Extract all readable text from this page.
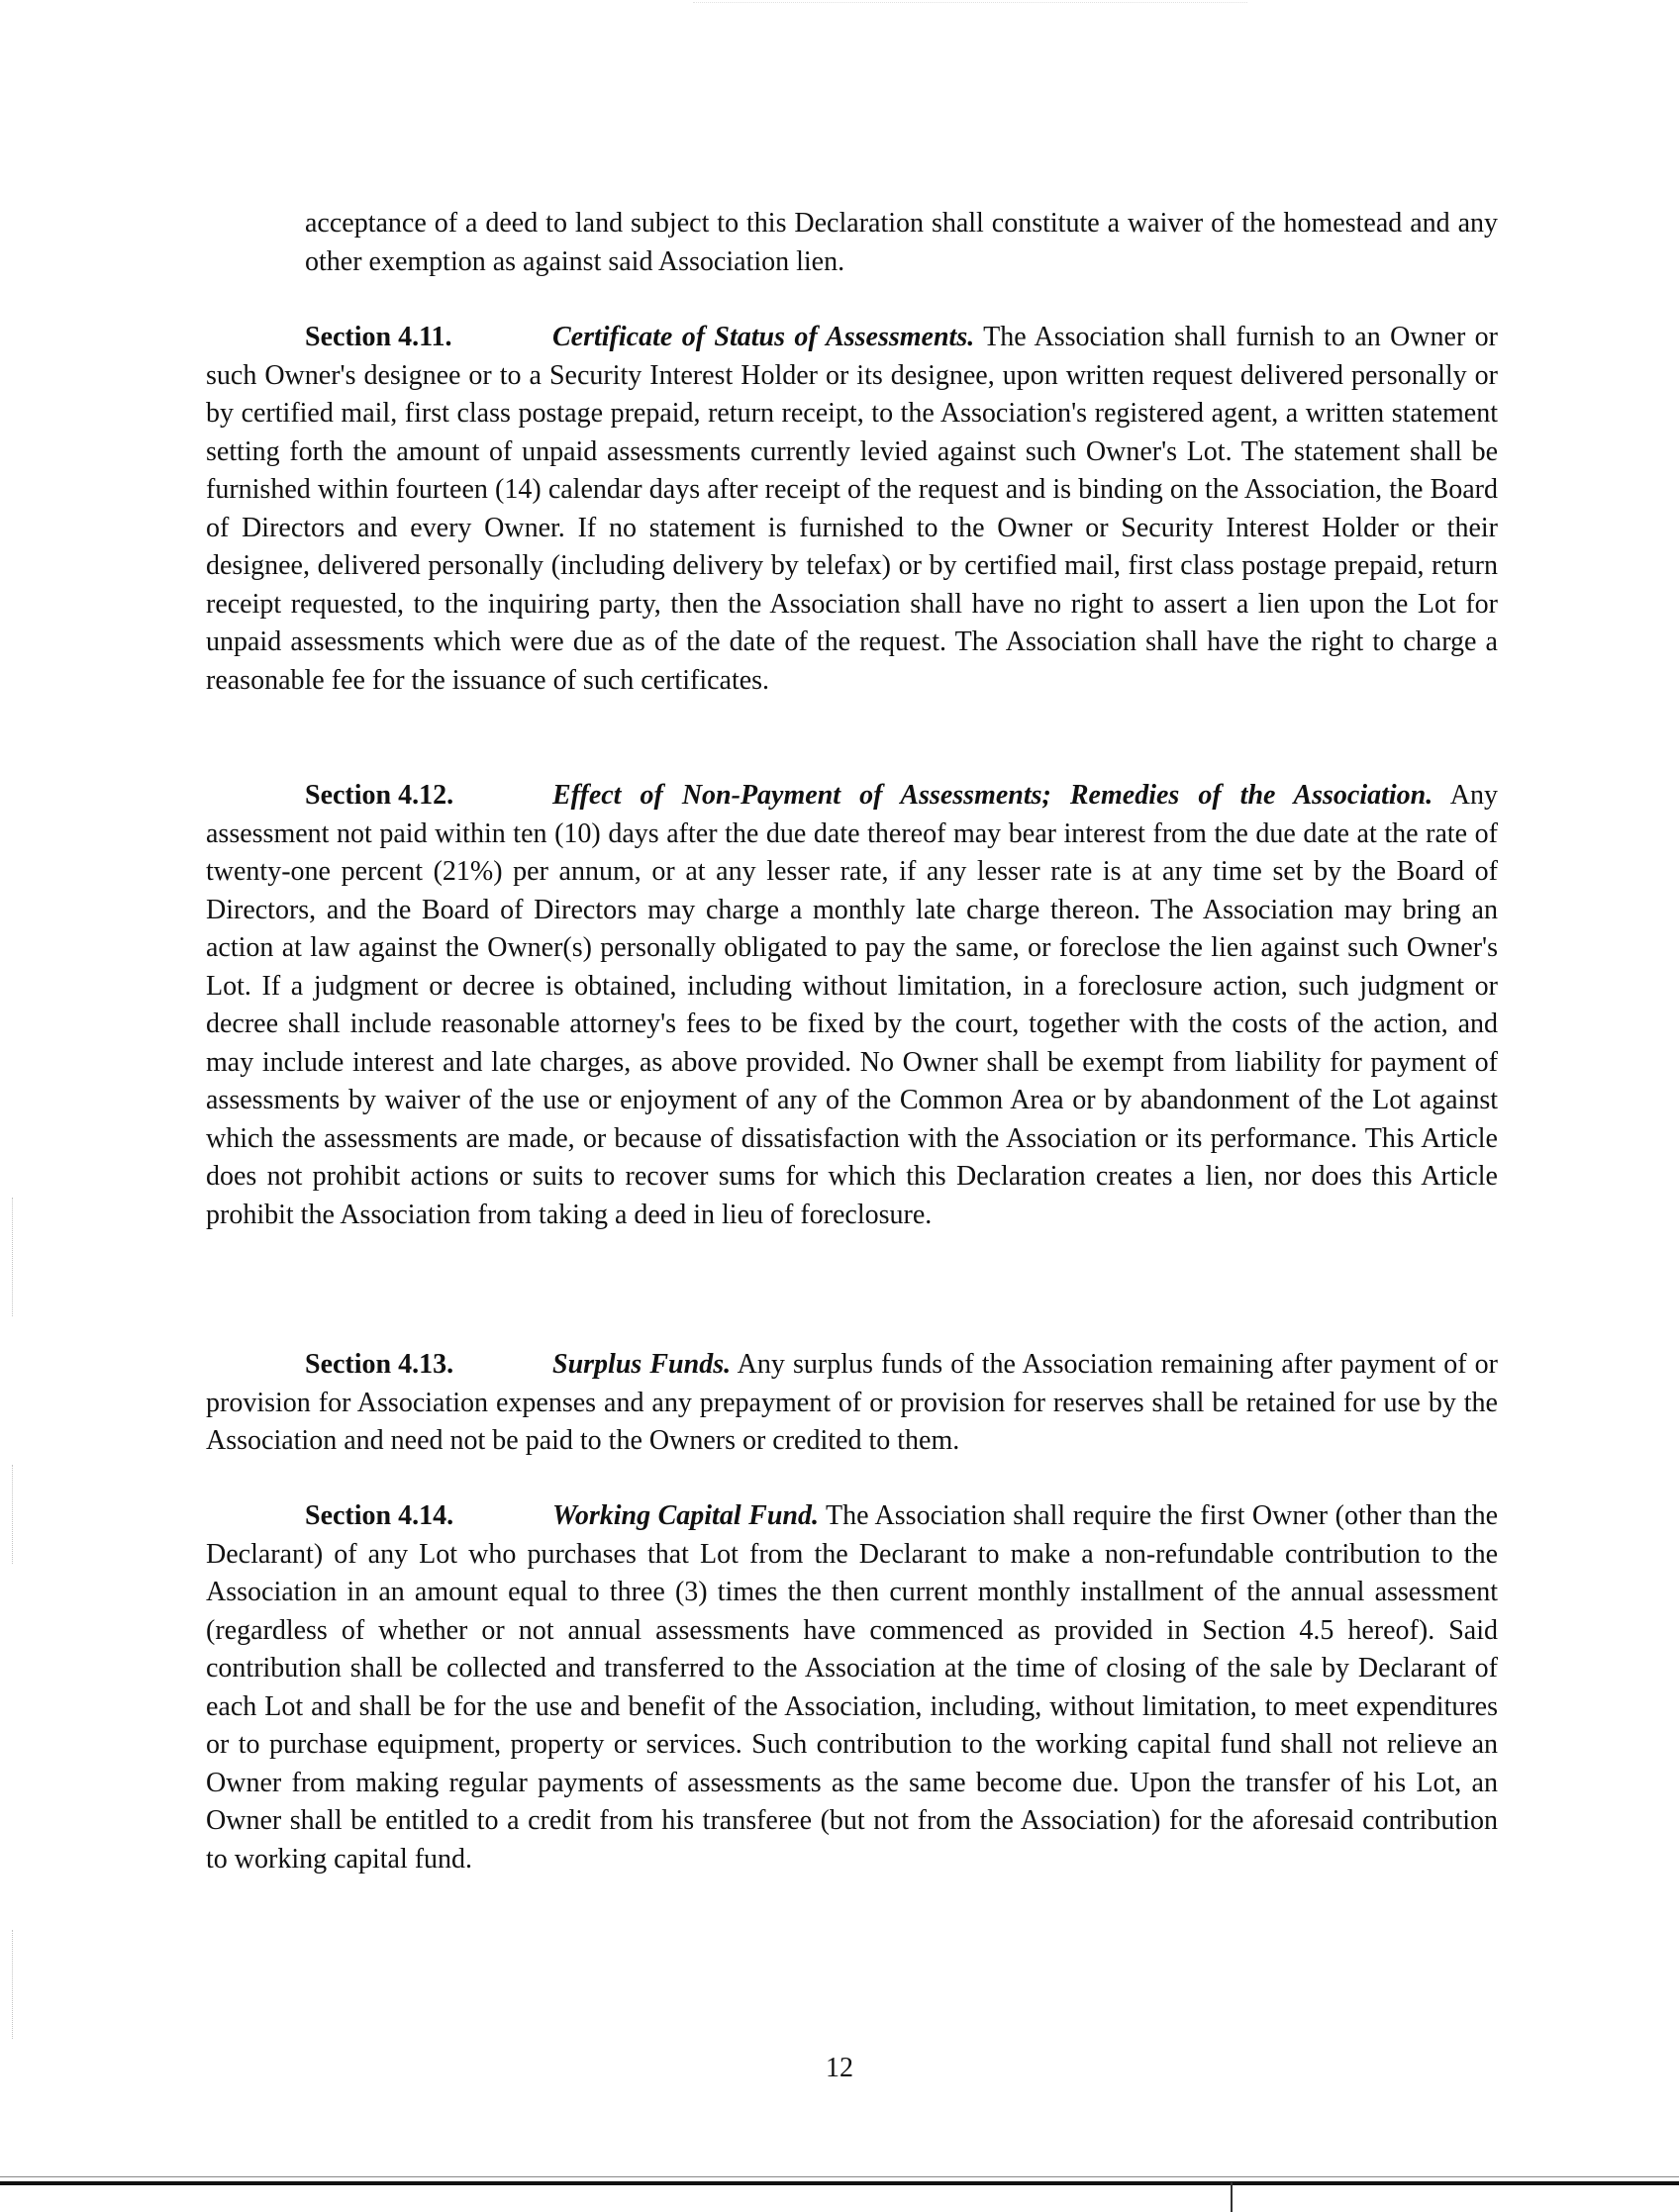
acceptance of a deed to land subject to this Declaration shall constitute a waiver of the homestead and any other exemption as against said Association lien.

Section 4.11.	Certificate of Status of Assessments. The Association shall furnish to an Owner or such Owner's designee or to a Security Interest Holder or its designee, upon written request delivered personally or by certified mail, first class postage prepaid, return receipt, to the Association's registered agent, a written statement setting forth the amount of unpaid assessments currently levied against such Owner's Lot. The statement shall be furnished within fourteen (14) calendar days after receipt of the request and is binding on the Association, the Board of Directors and every Owner. If no statement is furnished to the Owner or Security Interest Holder or their designee, delivered personally (including delivery by telefax) or by certified mail, first class postage prepaid, return receipt requested, to the inquiring party, then the Association shall have no right to assert a lien upon the Lot for unpaid assessments which were due as of the date of the request. The Association shall have the right to charge a reasonable fee for the issuance of such certificates.

Section 4.12.	Effect of Non-Payment of Assessments; Remedies of the Association. Any assessment not paid within ten (10) days after the due date thereof may bear interest from the due date at the rate of twenty-one percent (21%) per annum, or at any lesser rate, if any lesser rate is at any time set by the Board of Directors, and the Board of Directors may charge a monthly late charge thereon. The Association may bring an action at law against the Owner(s) personally obligated to pay the same, or foreclose the lien against such Owner's Lot. If a judgment or decree is obtained, including without limitation, in a foreclosure action, such judgment or decree shall include reasonable attorney's fees to be fixed by the court, together with the costs of the action, and may include interest and late charges, as above provided. No Owner shall be exempt from liability for payment of assessments by waiver of the use or enjoyment of any of the Common Area or by abandonment of the Lot against which the assessments are made, or because of dissatisfaction with the Association or its performance. This Article does not prohibit actions or suits to recover sums for which this Declaration creates a lien, nor does this Article prohibit the Association from taking a deed in lieu of foreclosure.

Section 4.13.	Surplus Funds. Any surplus funds of the Association remaining after payment of or provision for Association expenses and any prepayment of or provision for reserves shall be retained for use by the Association and need not be paid to the Owners or credited to them.

Section 4.14.	Working Capital Fund. The Association shall require the first Owner (other than the Declarant) of any Lot who purchases that Lot from the Declarant to make a non-refundable contribution to the Association in an amount equal to three (3) times the then current monthly installment of the annual assessment (regardless of whether or not annual assessments have commenced as provided in Section 4.5 hereof). Said contribution shall be collected and transferred to the Association at the time of closing of the sale by Declarant of each Lot and shall be for the use and benefit of the Association, including, without limitation, to meet expenditures or to purchase equipment, property or services. Such contribution to the working capital fund shall not relieve an Owner from making regular payments of assessments as the same become due. Upon the transfer of his Lot, an Owner shall be entitled to a credit from his transferee (but not from the Association) for the aforesaid contribution to working capital fund.

12
